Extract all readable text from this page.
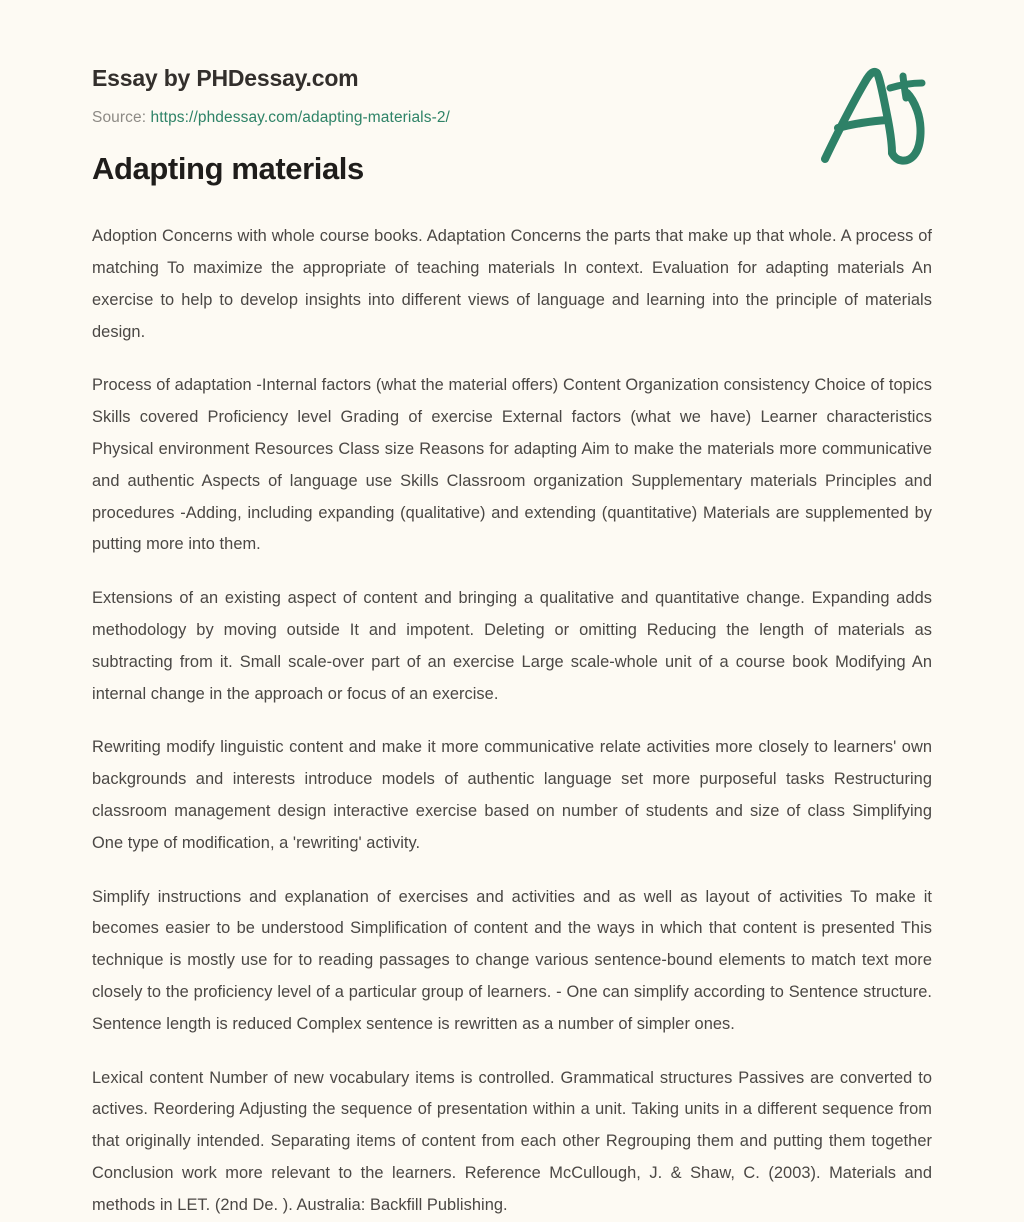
Essay by PHDessay.com
Source: https://phdessay.com/adapting-materials-2/
Adapting materials

Adoption Concerns with whole course books. Adaptation Concerns the parts that make up that whole. A process of matching To maximize the appropriate of teaching materials In context. Evaluation for adapting materials An exercise to help to develop insights into different views of language and learning into the principle of materials design.

Process of adaptation -Internal factors (what the material offers) Content Organization consistency Choice of topics Skills covered Proficiency level Grading of exercise External factors (what we have) Learner characteristics Physical environment Resources Class size Reasons for adapting Aim to make the materials more communicative and authentic Aspects of language use Skills Classroom organization Supplementary materials Principles and procedures -Adding, including expanding (qualitative) and extending (quantitative) Materials are supplemented by putting more into them.

Extensions of an existing aspect of content and bringing a qualitative and quantitative change. Expanding adds methodology by moving outside It and impotent. Deleting or omitting Reducing the length of materials as subtracting from it. Small scale-over part of an exercise Large scale-whole unit of a course book Modifying An internal change in the approach or focus of an exercise.

Rewriting modify linguistic content and make it more communicative relate activities more closely to learners' own backgrounds and interests introduce models of authentic language set more purposeful tasks Restructuring classroom management design interactive exercise based on number of students and size of class Simplifying One type of modification, a 'rewriting' activity.

Simplify instructions and explanation of exercises and activities and as well as layout of activities To make it becomes easier to be understood Simplification of content and the ways in which that content is presented This technique is mostly use for to reading passages to change various sentence-bound elements to match text more closely to the proficiency level of a particular group of learners. - One can simplify according to Sentence structure. Sentence length is reduced Complex sentence is rewritten as a number of simpler ones.

Lexical content Number of new vocabulary items is controlled. Grammatical structures Passives are converted to actives. Reordering Adjusting the sequence of presentation within a unit. Taking units in a different sequence from that originally intended. Separating items of content from each other Regrouping them and putting them together Conclusion work more relevant to the learners. Reference McCullough, J. & Shaw, C. (2003). Materials and methods in LET. (2nd De. ). Australia: Backfill Publishing.
